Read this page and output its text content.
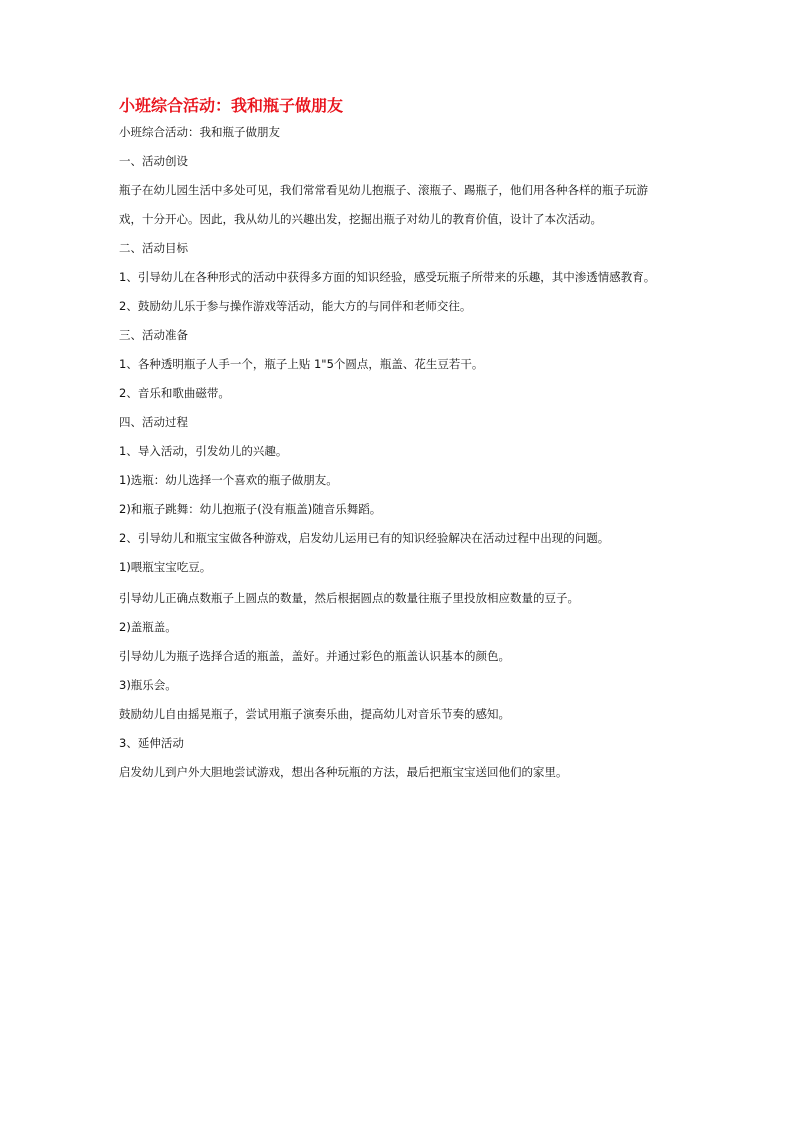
小班综合活动：我和瓶子做朋友
小班综合活动：我和瓶子做朋友
一、活动创设
瓶子在幼儿园生活中多处可见，我们常常看见幼儿抱瓶子、滚瓶子、踢瓶子，他们用各种各样的瓶子玩游
戏，十分开心。因此，我从幼儿的兴趣出发，挖掘出瓶子对幼儿的教育价值，设计了本次活动。
二、活动目标
1、引导幼儿在各种形式的活动中获得多方面的知识经验，感受玩瓶子所带来的乐趣，其中渗透情感教育。
2、鼓励幼儿乐于参与操作游戏等活动，能大方的与同伴和老师交往。
三、活动准备
1、各种透明瓶子人手一个，瓶子上贴 1"5个圆点，瓶盖、花生豆若干。
2、音乐和歌曲磁带。
四、活动过程
1、导入活动，引发幼儿的兴趣。
1)选瓶：幼儿选择一个喜欢的瓶子做朋友。
2)和瓶子跳舞：幼儿抱瓶子(没有瓶盖)随音乐舞蹈。
2、引导幼儿和瓶宝宝做各种游戏，启发幼儿运用已有的知识经验解决在活动过程中出现的问题。
1)喂瓶宝宝吃豆。
引导幼儿正确点数瓶子上圆点的数量，然后根据圆点的数量往瓶子里投放相应数量的豆子。
2)盖瓶盖。
引导幼儿为瓶子选择合适的瓶盖，盖好。并通过彩色的瓶盖认识基本的颜色。
3)瓶乐会。
鼓励幼儿自由摇晃瓶子，尝试用瓶子演奏乐曲，提高幼儿对音乐节奏的感知。
3、延伸活动
启发幼儿到户外大胆地尝试游戏，想出各种玩瓶的方法，最后把瓶宝宝送回他们的家里。
